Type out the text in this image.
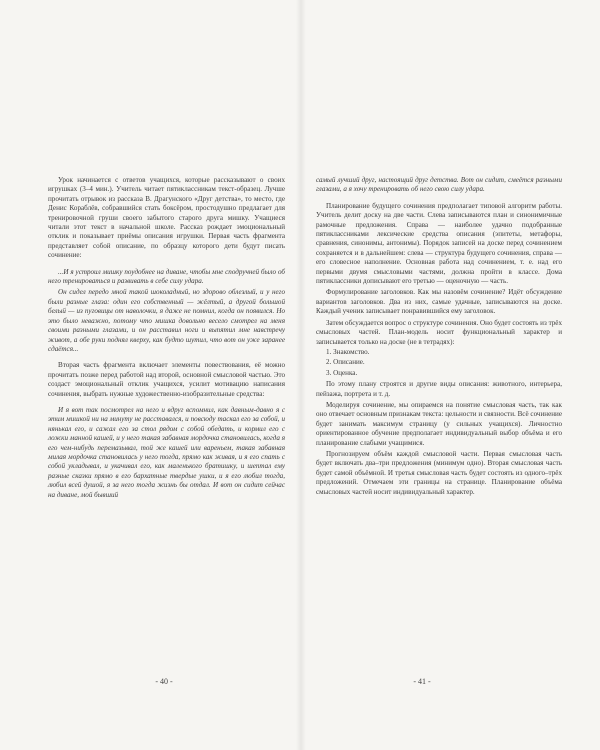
Урок начинается с ответов учащихся, которые рассказывают о своих игрушках (3–4 мин.). Учитель читает пятиклассникам текст-образец. Лучше прочитать отрывок из рассказа В. Драгунского «Друг детства», то место, где Денис Кораблёв, собравшийся стать боксёром, простодушно предлагает для тренировочной груши своего забытого старого друга мишку. Учащиеся читали этот текст в начальной школе. Рассказ рождает эмоциональный отклик и показывает приёмы описания игрушки. Первая часть фрагмента представляет собой описание, по образцу которого дети будут писать сочинение:

...И я устроил мишку поудобнее на диване, чтобы мне сподручней было об него тренироваться и развивать в себе силу удара.

Он сидел передо мной такой шоколадный, но здорово облезлый, и у него были разные глаза: один его собственный — жёлтый, а другой большой белый — из пуговицы от наволочки, я даже не помнил, когда он появился. Но это было неважно, потому что мишка довольно весело смотрел на меня своими разными глазами, и он расставил ноги и выпятил мне навстречу живот, а обе руки поднял кверху, как будто шутил, что вот он уже заранее сдаётся...

Вторая часть фрагмента включает элементы повествования, её можно прочитать позже перед работой над второй, основной смысловой частью. Это создаст эмоциональный отклик учащихся, усилит мотивацию написания сочинения, выбрать нужные художественно-изобразительные средства:

И я вот так посмотрел на него и вдруг вспомнил, как давным-давно я с этим мишкой ни на минуту не расставался, и повсюду таскал его за собой, и нянькал его, и сажал его за стол рядом с собой обедать, и кормил его с ложки манной кашей, и у него такая забавная мордочка становилась, когда я его чем-нибудь перемазывал, той же кашей или вареньем, такая забавная милая мордочка становилась у него тогда, прямо как живая, и я его спать с собой укладывал, и укачивал его, как маленького братишку, и шептал ему разные сказки прямо в его бархатные твердые ушки, и я его любил тогда, любил всей душой, я за него тогда жизнь бы отдал. И вот он сидит сейчас на диване, мой бывший

- 40 -

самый лучший друг, настоящий друг детства. Вот он сидит, смеётся разными глазами, а я хочу тренировать об него свою силу удара.

Планирование будущего сочинения предполагает типовой алгоритм работы. Учитель делит доску на две части. Слева записываются план и синонимичные рамочные предложения. Справа — наиболее удачно подобранные пятиклассниками лексические средства описания (эпитеты, метафоры, сравнения, синонимы, антонимы). Порядок записей на доске перед сочинением сохраняется и в дальнейшем: слева — структура будущего сочинения, справа — его словесное наполнение. Основная работа над сочинением, т. е. над его первыми двумя смысловыми частями, должна пройти в классе. Дома пятиклассники дописывают его третью — оценочную — часть.

Формулирование заголовков. Как мы назовём сочинение? Идёт обсуждение вариантов заголовков. Два из них, самые удачные, записываются на доске. Каждый ученик записывает понравившийся ему заголовок.

Затем обсуждается вопрос о структуре сочинения. Оно будет состоять из трёх смысловых частей. План-модель носит функциональный характер и записывается только на доске (не в тетрадях):

1. Знакомство.

2. Описание.

3. Оценка.

По этому плану строятся и другие виды описания: животного, интерьера, пейзажа, портрета и т. д.

Моделируя сочинение, мы опираемся на понятие смысловая часть, так как оно отвечает основным признакам текста: цельности и связности. Всё сочинение будет занимать максимум страницу (у сильных учащихся). Личностно ориентированное обучение предполагает индивидуальный выбор объёма и его планирование слабыми учащимися.

Прогнозируем объём каждой смысловой части. Первая смысловая часть будет включать два–три предложения (минимум одно). Вторая смысловая часть будет самой объёмной. И третья смысловая часть будет состоять из одного–трёх предложений. Отмечаем эти границы на странице. Планирование объёма смысловых частей носит индивидуальный характер.

- 41 -
